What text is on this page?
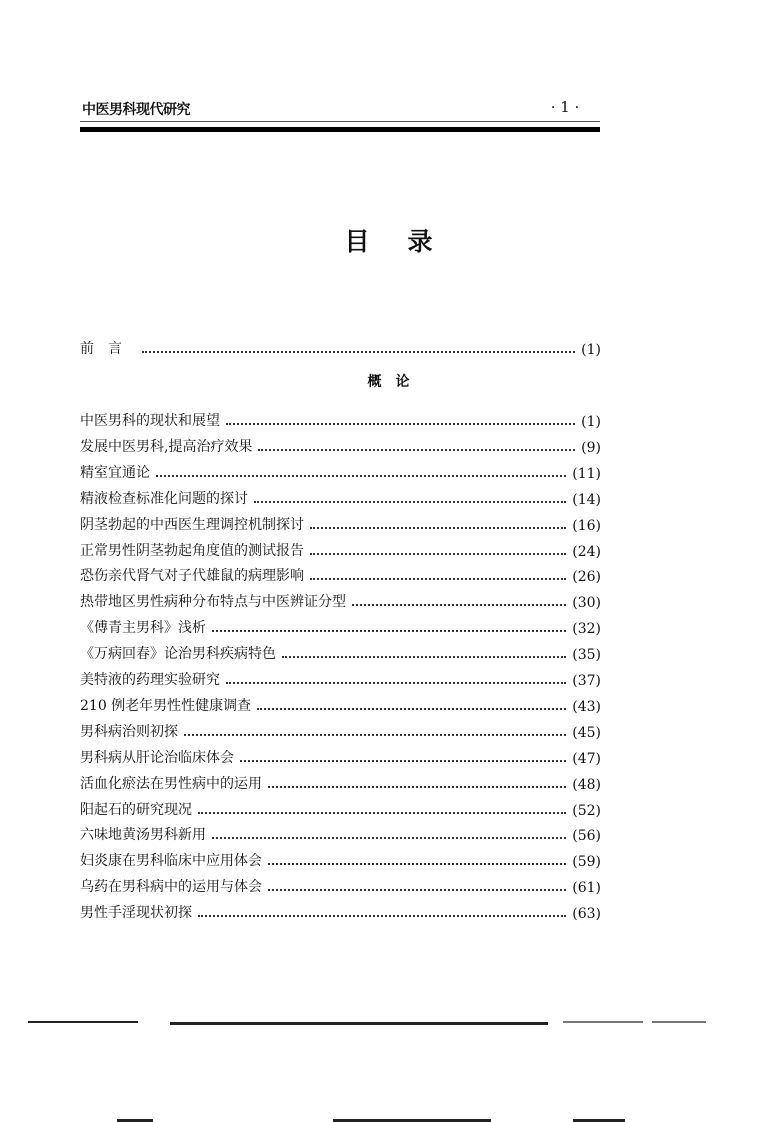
中医男科现代研究	· 1 ·
目录
前言	(1)
概论
中医男科的现状和展望	(1)
发展中医男科,提高治疗效果	(9)
精室宜通论	(11)
精液检查标准化问题的探讨	(14)
阴茎勃起的中西医生理调控机制探讨	(16)
正常男性阴茎勃起角度值的测试报告	(24)
恐伤亲代肾气对子代雄鼠的病理影响	(26)
热带地区男性病种分布特点与中医辨证分型	(30)
《傅青主男科》浅析	(32)
《万病回春》论治男科疾病特色	(35)
美特液的药理实验研究	(37)
210 例老年男性性健康调查	(43)
男科病治则初探	(45)
男科病从肝论治临床体会	(47)
活血化瘀法在男性病中的运用	(48)
阳起石的研究现况	(52)
六味地黄汤男科新用	(56)
妇炎康在男科临床中应用体会	(59)
乌药在男科病中的运用与体会	(61)
男性手淫现状初探	(63)
